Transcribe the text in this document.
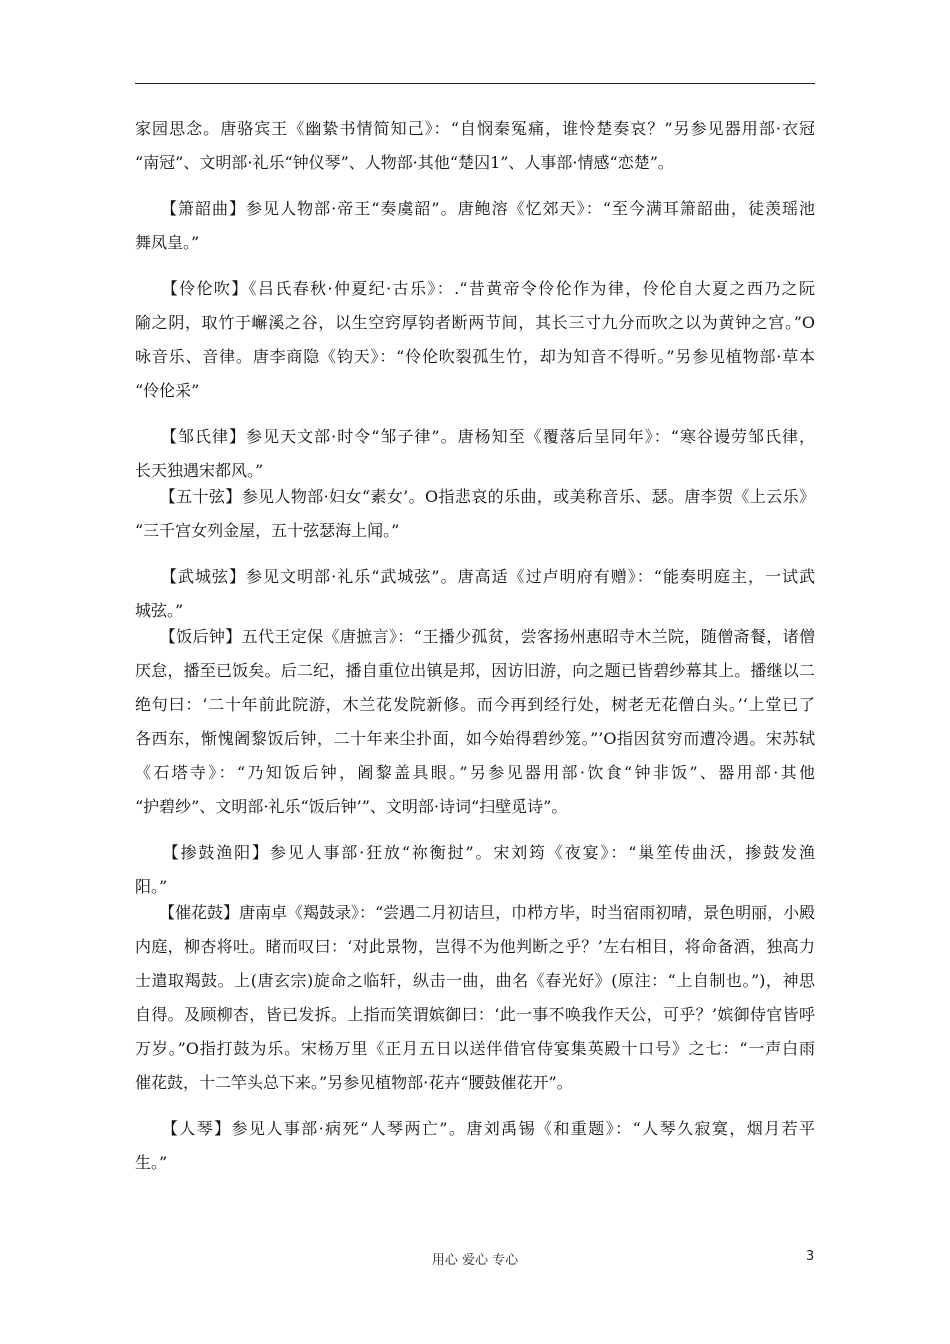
家园思念。唐骆宾王《幽絷书情简知己》：“自悯秦冤痛，谁怜楚奏哀？”另参见器用部·衣冠
“南冠”、文明部·礼乐“钟仪琴”、人物部·其他“楚囚1”、人事部·情感“恋楚”。
　　【箫韶曲】参见人物部·帝王“奏虞韶”。唐鲍溶《忆郊天》：“至今满耳箫韶曲，徒羡瑶池
舞凤皇。”
　　【伶伦吹】《吕氏春秋·仲夏纪·古乐》：.“昔黄帝令伶伦作为律，伶伦自大夏之西乃之阮
隃之阴，取竹于嶰溪之谷，以生空窍厚钧者断两节间，其长三寸九分而吹之以为黄钟之宫。”O
咏音乐、音律。唐李商隐《钧天》：“伶伦吹裂孤生竹，却为知音不得听。”另参见植物部·草本
“伶伦采”
　　【邹氏律】参见天文部·时令“邹子律”。唐杨知至《覆落后呈同年》：“寒谷谩劳邹氏律，
长天独遇宋都风。”
　　【五十弦】参见人物部·妇女“素女’。O指悲哀的乐曲，或美称音乐、瑟。唐李贺《上云乐》
“三千宫女列金屋，五十弦瑟海上闻。”
　　【武城弦】参见文明部·礼乐“武城弦”。唐高适《过卢明府有赠》：“能奏明庭主，一试武
城弦。”
　　【饭后钟】五代王定保《唐摭言》：“王播少孤贫，尝客扬州惠昭寺木兰院，随僧斋餐，诸僧
厌怠，播至已饭矣。后二纪，播自重位出镇是邦，因访旧游，向之题已皆碧纱幕其上。播继以二
绝句曰：‘二十年前此院游，木兰花发院新修。而今再到经行处，树老无花僧白头。’‘上堂已了
各西东，惭愧阇黎饭后钟，二十年来尘扑面，如今始得碧纱笼。”’O指因贫穷而遭冷遇。宋苏轼
《石塔寺》：“乃知饭后钟，阇黎盖具眼。”另参见器用部·饮食“钟非饭”、器用部·其他
“护碧纱”、文明部·礼乐“饭后钟’”、文明部·诗词“扫壁觅诗”。
　　【掺鼓渔阳】参见人事部·狂放“祢衡挝”。宋刘筠《夜宴》：“巢笙传曲沃，掺鼓发渔
阳。”
　　【催花鼓】唐南卓《羯鼓录》：“尝遇二月初诘旦，巾栉方毕，时当宿雨初晴，景色明丽，小殿
内庭，柳杏将吐。睹而叹曰：‘对此景物，岂得不为他判断之乎？’左右相目，将命备酒，独高力
士遣取羯鼓。上(唐玄宗)旋命之临轩，纵击一曲，曲名《春光好》(原注：“上自制也。”)，神思
自得。及顾柳杏，皆已发拆。上指而笑谓嫔御曰：‘此一事不唤我作天公，可乎？’嫔御侍官皆呼
万岁。”O指打鼓为乐。宋杨万里《正月五日以送伴借官侍宴集英殿十口号》之七：“一声白雨
催花鼓，十二竿头总下来。”另参见植物部·花卉“腰鼓催花开”。
　　【人琴】参见人事部·病死“人琴两亡”。唐刘禹锡《和重题》：“人琴久寂寞，烟月若平
生。”
用心 爱心 专心	3
